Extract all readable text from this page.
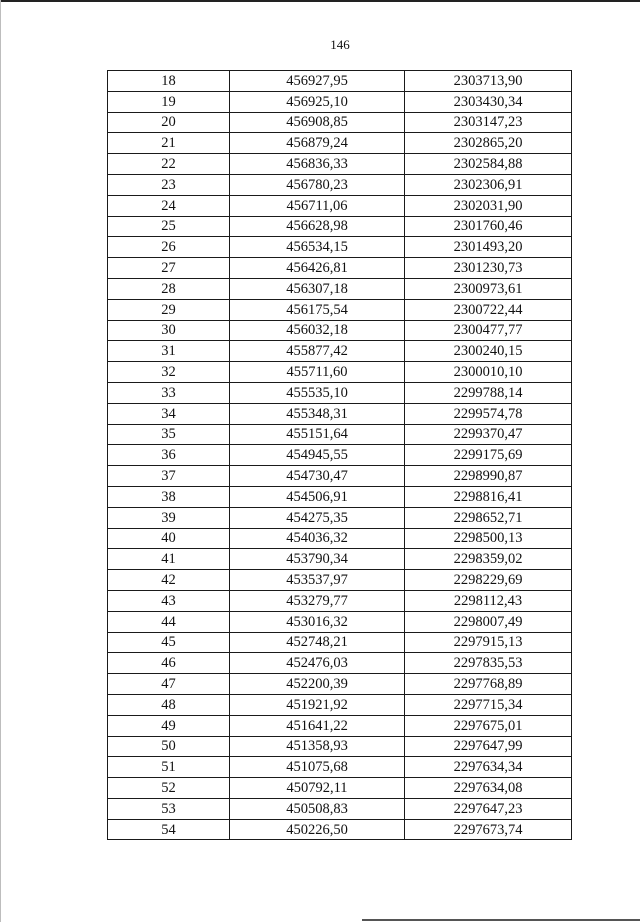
146
18	456927,95	2303713,90
19	456925,10	2303430,34
20	456908,85	2303147,23
21	456879,24	2302865,20
22	456836,33	2302584,88
23	456780,23	2302306,91
24	456711,06	2302031,90
25	456628,98	2301760,46
26	456534,15	2301493,20
27	456426,81	2301230,73
28	456307,18	2300973,61
29	456175,54	2300722,44
30	456032,18	2300477,77
31	455877,42	2300240,15
32	455711,60	2300010,10
33	455535,10	2299788,14
34	455348,31	2299574,78
35	455151,64	2299370,47
36	454945,55	2299175,69
37	454730,47	2298990,87
38	454506,91	2298816,41
39	454275,35	2298652,71
40	454036,32	2298500,13
41	453790,34	2298359,02
42	453537,97	2298229,69
43	453279,77	2298112,43
44	453016,32	2298007,49
45	452748,21	2297915,13
46	452476,03	2297835,53
47	452200,39	2297768,89
48	451921,92	2297715,34
49	451641,22	2297675,01
50	451358,93	2297647,99
51	451075,68	2297634,34
52	450792,11	2297634,08
53	450508,83	2297647,23
54	450226,50	2297673,74
